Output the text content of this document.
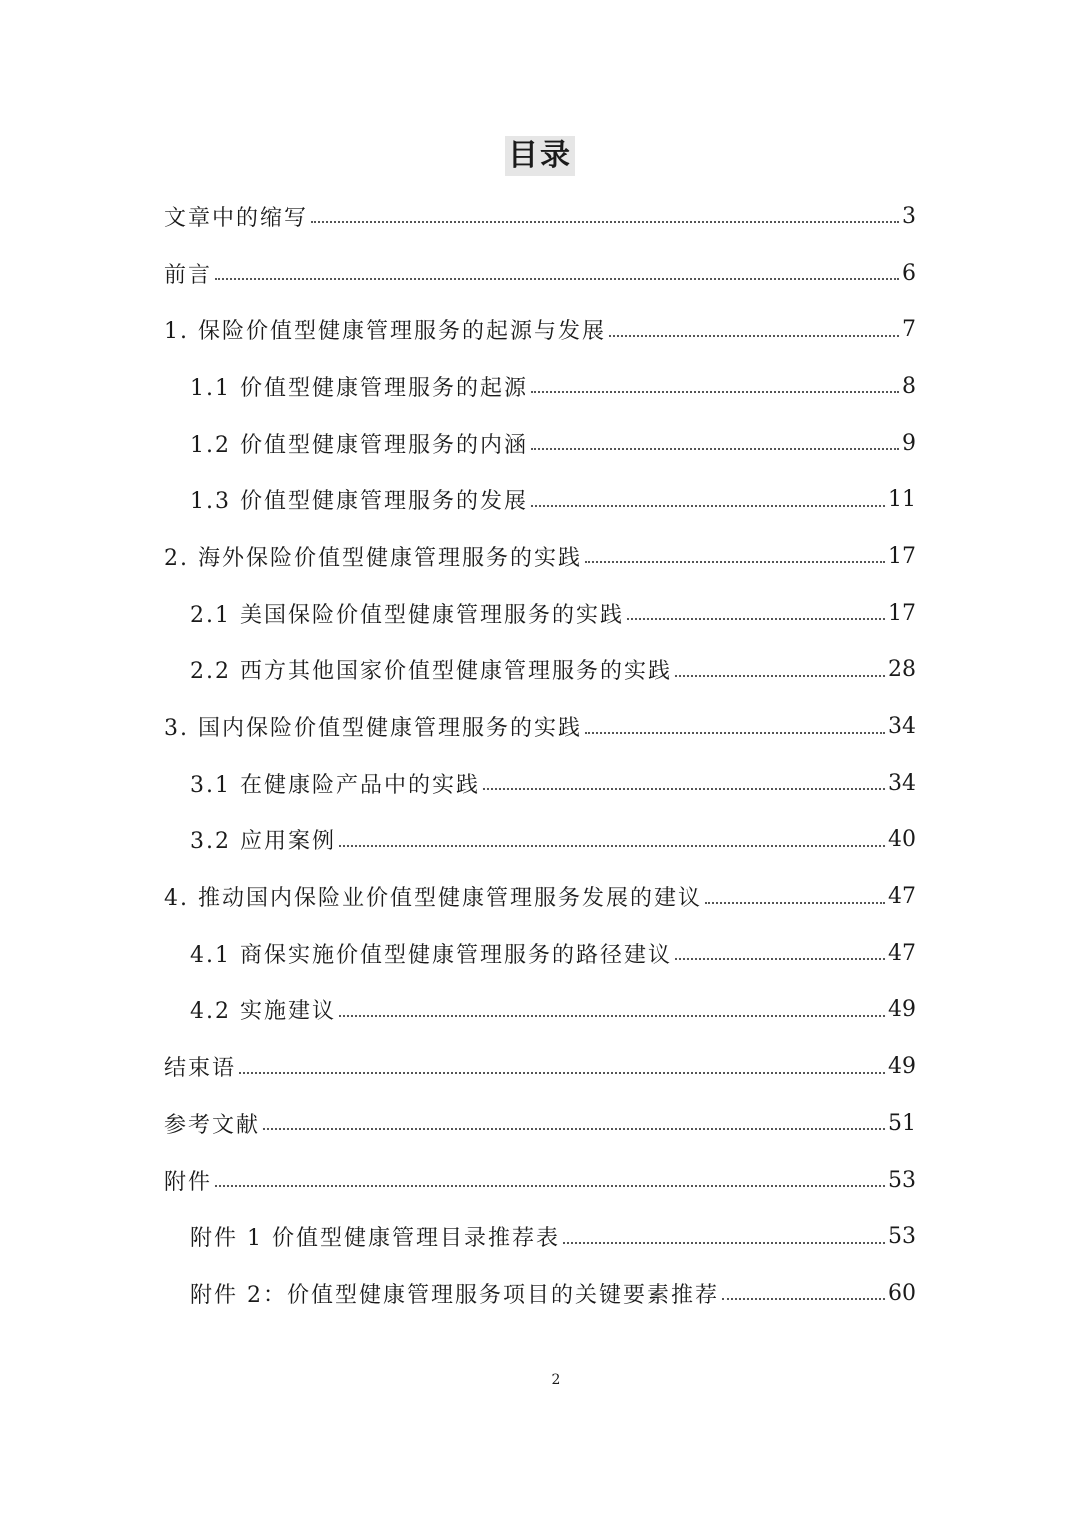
目录
文章中的缩写	3
前言	6
1. 保险价值型健康管理服务的起源与发展	7
1.1 价值型健康管理服务的起源	8
1.2 价值型健康管理服务的内涵	9
1.3 价值型健康管理服务的发展	11
2. 海外保险价值型健康管理服务的实践	17
2.1 美国保险价值型健康管理服务的实践	17
2.2 西方其他国家价值型健康管理服务的实践	28
3. 国内保险价值型健康管理服务的实践	34
3.1 在健康险产品中的实践	34
3.2 应用案例	40
4. 推动国内保险业价值型健康管理服务发展的建议	47
4.1 商保实施价值型健康管理服务的路径建议	47
4.2 实施建议	49
结束语	49
参考文献	51
附件	53
附件 1 价值型健康管理目录推荐表	53
附件 2：价值型健康管理服务项目的关键要素推荐	60
2
